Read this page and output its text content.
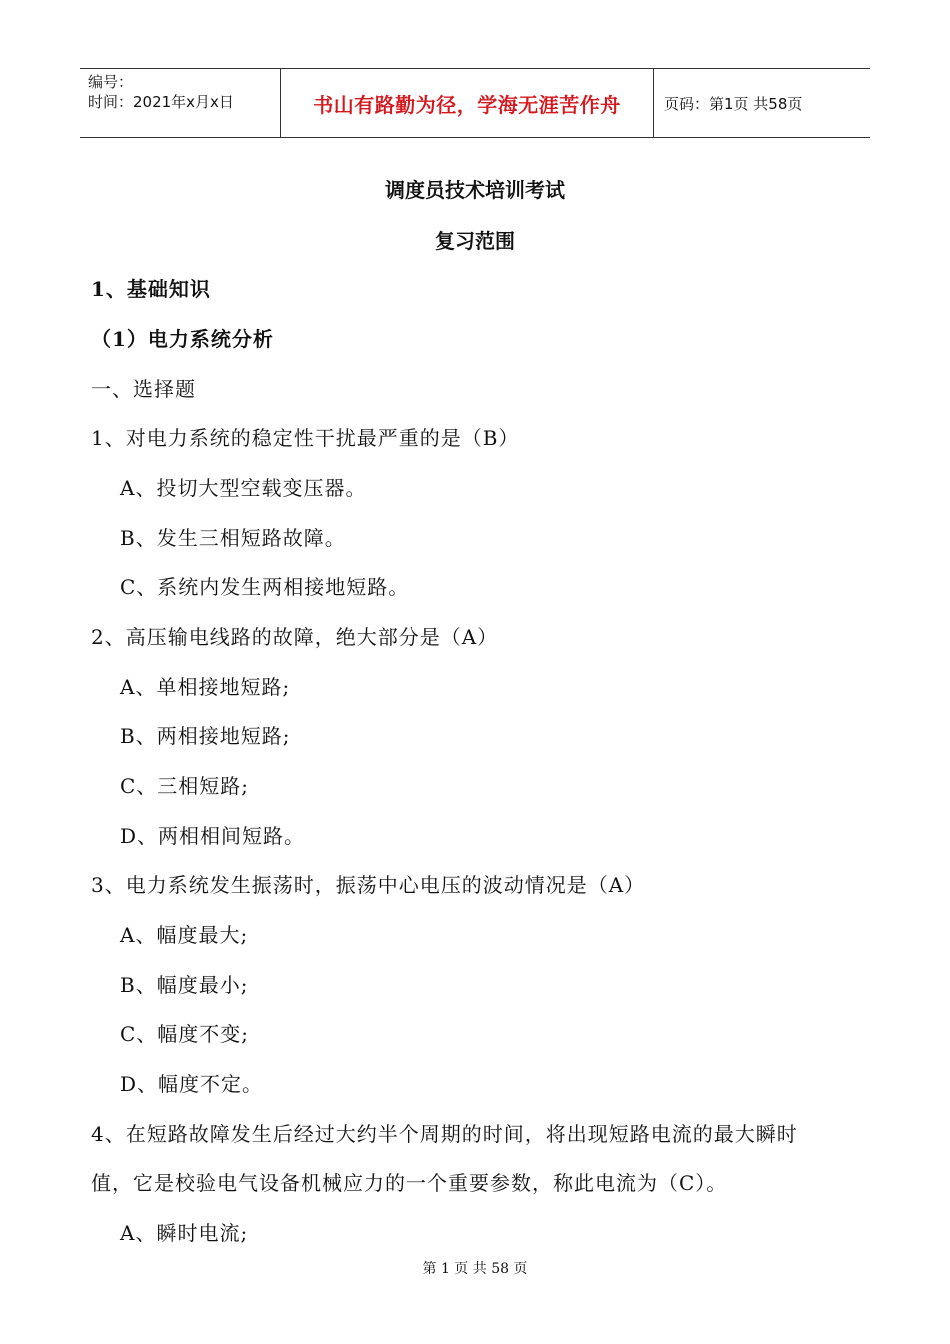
编号：
时间：2021年x月x日	书山有路勤为径，学海无涯苦作舟	页码：第1页 共58页
调度员技术培训考试
复习范围
1、基础知识
（1）电力系统分析
一、选择题
1、对电力系统的稳定性干扰最严重的是（B）
A、投切大型空载变压器。
B、发生三相短路故障。
C、系统内发生两相接地短路。
2、高压输电线路的故障，绝大部分是（A）
A、单相接地短路;
B、两相接地短路;
C、三相短路;
D、两相相间短路。
3、电力系统发生振荡时，振荡中心电压的波动情况是（A）
A、幅度最大;
B、幅度最小;
C、幅度不变;
D、幅度不定。
4、在短路故障发生后经过大约半个周期的时间，将出现短路电流的最大瞬时
值，它是校验电气设备机械应力的一个重要参数，称此电流为（C）。
A、瞬时电流;
第 1 页 共 58 页
